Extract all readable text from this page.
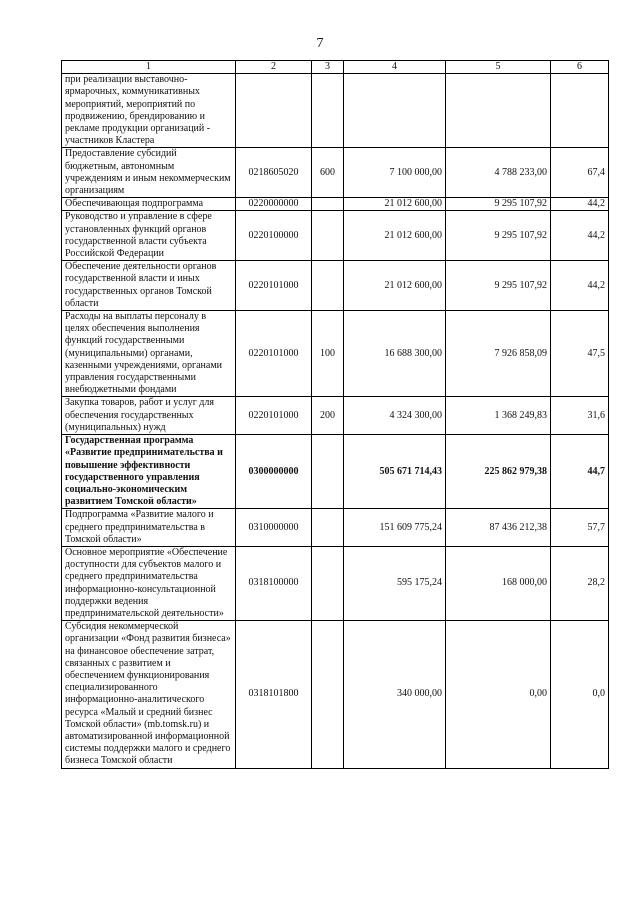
7
1	2	3	4	5	6
при реализации выставочно-ярмарочных, коммуникативных мероприятий, мероприятий по продвижению, брендированию и рекламе продукции организаций - участников Кластера					
Предоставление субсидий бюджетным, автономным учреждениям и иным некоммерческим организациям	0218605020	600	7 100 000,00	4 788 233,00	67,4
Обеспечивающая подпрограмма	0220000000		21 012 600,00	9 295 107,92	44,2
Руководство и управление в сфере установленных функций органов государственной власти субъекта Российской Федерации	0220100000		21 012 600,00	9 295 107,92	44,2
Обеспечение деятельности органов государственной власти и иных государственных органов Томской области	0220101000		21 012 600,00	9 295 107,92	44,2
Расходы на выплаты персоналу в целях обеспечения выполнения функций государственными (муниципальными) органами, казенными учреждениями, органами управления государственными внебюджетными фондами	0220101000	100	16 688 300,00	7 926 858,09	47,5
Закупка товаров, работ и услуг для обеспечения государственных (муниципальных) нужд	0220101000	200	4 324 300,00	1 368 249,83	31,6
Государственная программа «Развитие предпринимательства и повышение эффективности государственного управления социально-экономическим развитием Томской области»	0300000000		505 671 714,43	225 862 979,38	44,7
Подпрограмма «Развитие малого и среднего предпринимательства в Томской области»	0310000000		151 609 775,24	87 436 212,38	57,7
Основное мероприятие «Обеспечение доступности для субъектов малого и среднего предпринимательства информационно-консультационной поддержки ведения предпринимательской деятельности»	0318100000		595 175,24	168 000,00	28,2
Субсидия некоммерческой организации «Фонд развития бизнеса» на финансовое обеспечение затрат, связанных с развитием и обеспечением функционирования специализированного информационно-аналитического ресурса «Малый и средний бизнес Томской области» (mb.tomsk.ru) и автоматизированной информационной системы поддержки малого и среднего бизнеса Томской области	0318101800		340 000,00	0,00	0,0
